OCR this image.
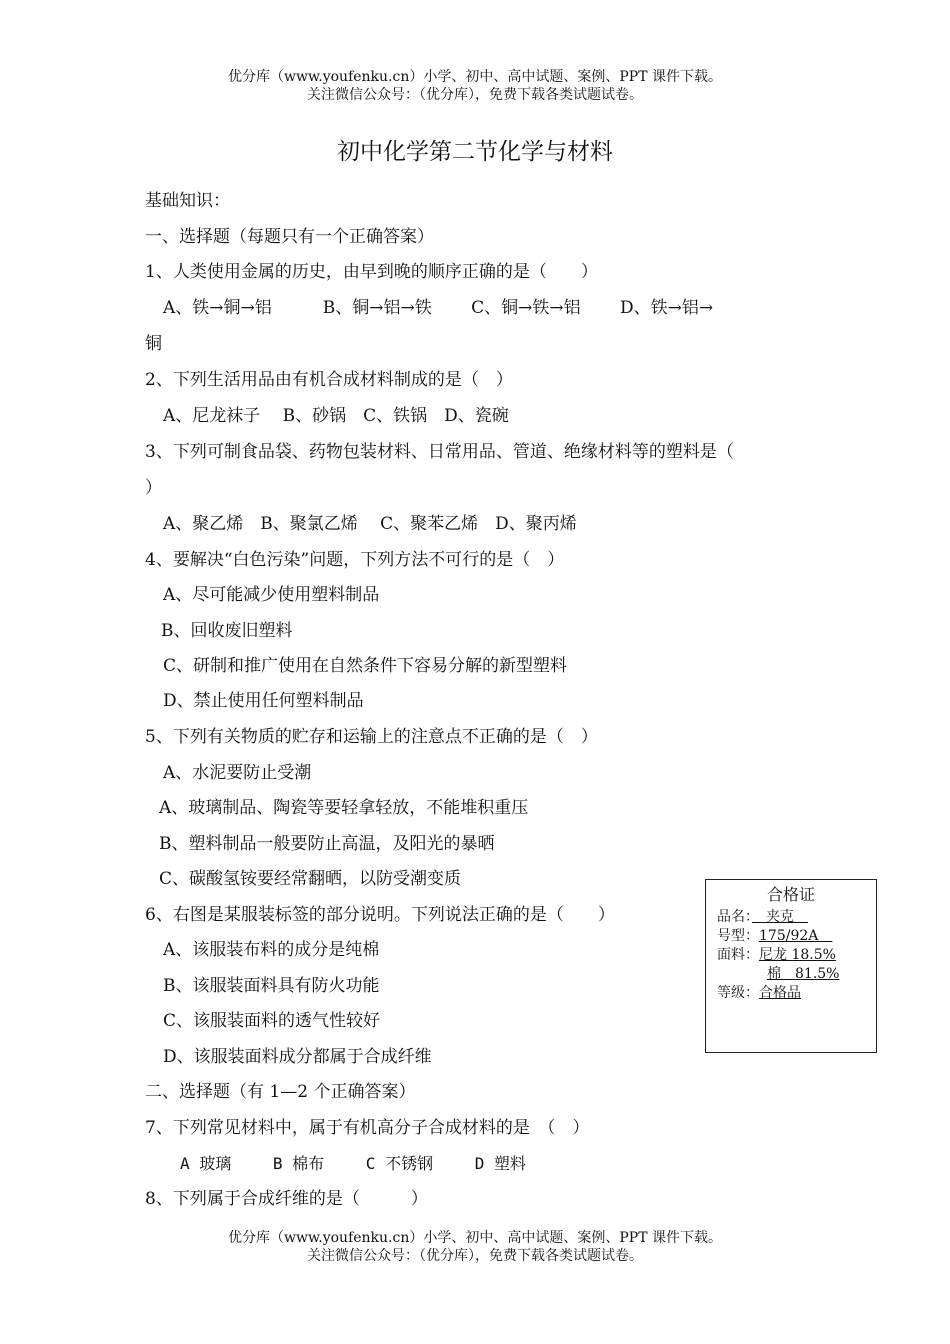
优分库（www.youfenku.cn）小学、初中、高中试题、案例、PPT 课件下载。
关注微信公众号：（优分库），免费下载各类试题试卷。
初中化学第二节化学与材料
基础知识：
一、选择题（每题只有一个正确答案）
1、人类使用金属的历史，由早到晚的顺序正确的是（　　）
A、铁→铜→铝　　　B、铜→铝→铁　　 C、铜→铁→铝　　 D、铁→铝→
铜
2、下列生活用品由有机合成材料制成的是（　）
A、尼龙袜子　 B、砂锅　C、铁锅　D、瓷碗
3、下列可制食品袋、药物包装材料、日常用品、管道、绝缘材料等的塑料是（
）
A、聚乙烯　B、聚氯乙烯　 C、聚苯乙烯　D、聚丙烯
4、要解决“白色污染”问题，下列方法不可行的是（　）
A、尽可能减少使用塑料制品
B、回收废旧塑料
C、研制和推广使用在自然条件下容易分解的新型塑料
D、禁止使用任何塑料制品
5、下列有关物质的贮存和运输上的注意点不正确的是（　）
A、水泥要防止受潮
A、玻璃制品、陶瓷等要轻拿轻放，不能堆积重压
B、塑料制品一般要防止高温，及阳光的暴晒
C、碳酸氢铵要经常翻晒，以防受潮变质
6、右图是某服装标签的部分说明。下列说法正确的是（　　）
A、该服装布料的成分是纯棉
B、该服装面料具有防火功能
C、该服装面料的透气性较好
D、该服装面料成分都属于合成纤维
二、选择题（有 1—2 个正确答案）
7、下列常见材料中，属于有机高分子合成材料的是　（　）
A 玻璃　　 B 棉布　　 C 不锈钢　　 D 塑料
8、下列属于合成纤维的是（　　　）
合格证
品名：　夹克　
号型：175/92A　
面料：尼龙 18.5%
棉　81.5%
等级：合格品
优分库（www.youfenku.cn）小学、初中、高中试题、案例、PPT 课件下载。
关注微信公众号：（优分库），免费下载各类试题试卷。
